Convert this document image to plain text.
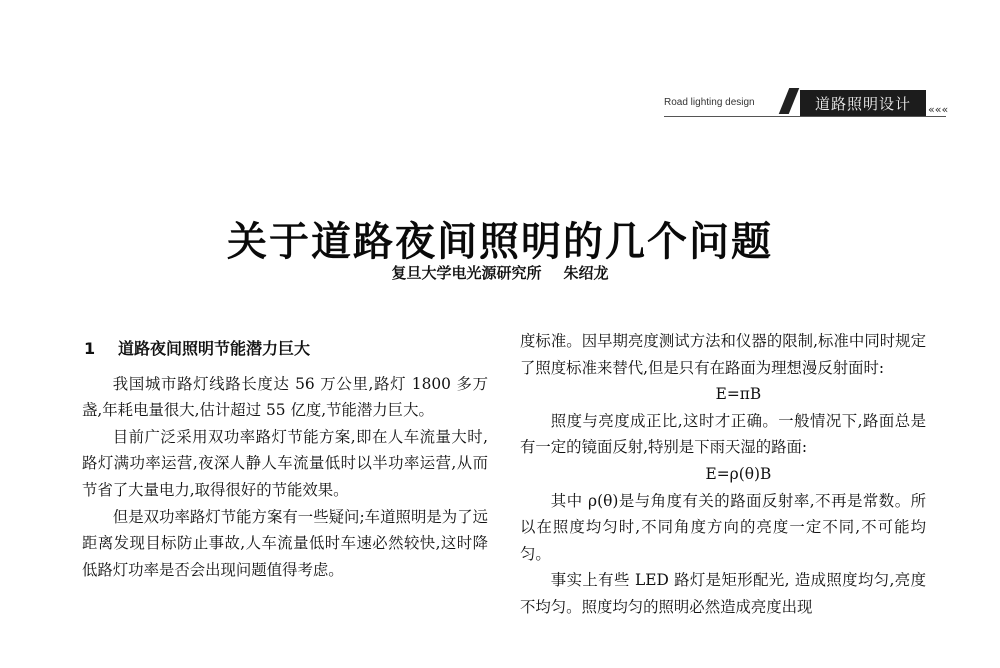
Road lighting design	道路照明设计	«««
关于道路夜间照明的几个问题
复旦大学电光源研究所 朱绍龙
1 道路夜间照明节能潜力巨大

我国城市路灯线路长度达 56 万公里,路灯 1800 多万盏,年耗电量很大,估计超过 55 亿度,节能潜力巨大。

目前广泛采用双功率路灯节能方案,即在人车流量大时,路灯满功率运营,夜深人静人车流量低时以半功率运营,从而节省了大量电力,取得很好的节能效果。

但是双功率路灯节能方案有一些疑问;车道照明是为了远距离发现目标防止事故,人车流量低时车速必然较快,这时降低路灯功率是否会出现问题值得考虑。

度标准。因早期亮度测试方法和仪器的限制,标准中同时规定了照度标准来替代,但是只有在路面为理想漫反射面时:

E=πB

照度与亮度成正比,这时才正确。一般情况下,路面总是有一定的镜面反射,特别是下雨天湿的路面:

E=ρ(θ)B

其中 ρ(θ)是与角度有关的路面反射率,不再是常数。所以在照度均匀时,不同角度方向的亮度一定不同,不可能均匀。

事实上有些 LED 路灯是矩形配光, 造成照度均匀,亮度不均匀。照度均匀的照明必然造成亮度出现
